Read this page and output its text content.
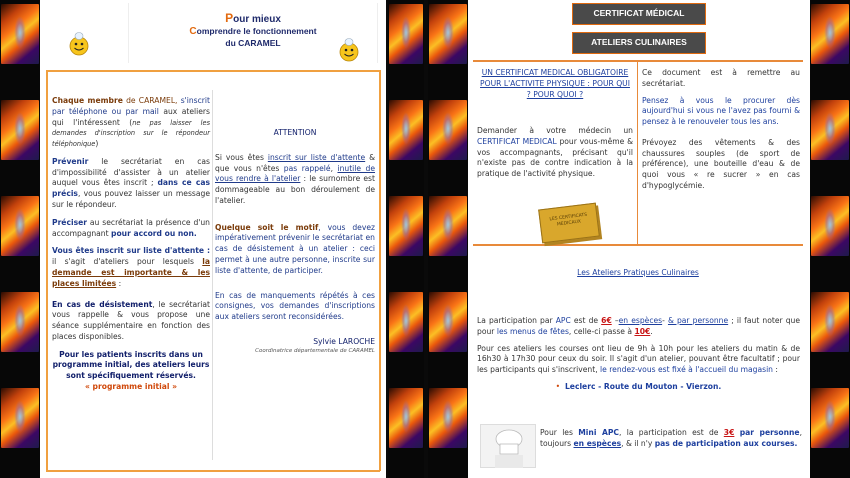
Pour mieux
Comprendre le fonctionnement
du CARAMEL

Chaque membre de CARAMEL, s'inscrit par téléphone ou par mail aux ateliers qui l'intéressent (ne pas laisser les demandes d'inscription sur le répondeur téléphonique)

Prévenir le secrétariat en cas d'impossibilité d'assister à un atelier auquel vous êtes inscrit ; dans ce cas précis, vous pouvez laisser un message sur le répondeur.

Préciser au secrétariat la présence d'un accompagnant pour accord ou non.

Vous êtes inscrit sur liste d'attente : il s'agit d'ateliers pour lesquels la demande est importante & les places limitées :

En cas de désistement, le secrétariat vous rappelle & vous propose une séance supplémentaire en fonction des places disponibles.

Pour les patients inscrits dans un programme initial, des ateliers leurs sont spécifiquement réservés.
« programme initial »

ATTENTION

Si vous êtes inscrit sur liste d'attente & que vous n'êtes pas rappelé, inutile de vous rendre à l'atelier : le surnombre est dommageable au bon déroulement de l'atelier.

Quelque soit le motif, vous devez impérativement prévenir le secrétariat en cas de désistement à un atelier : ceci permet à une autre personne, inscrite sur liste d'attente, de participer.

En cas de manquements répétés à ces consignes, vos demandes d'inscriptions aux ateliers seront reconsidérées.

Sylvie LAROCHE

Coordinatrice départementale de CARAMEL

CERTIFICAT MÉDICAL
ATELIERS CULINAIRES
UN CERTIFICAT MEDICAL OBLIGATOIRE POUR L'ACTIVITE PHYSIQUE : POUR QUI ? POUR QUOI ?
Demander à votre médecin un CERTIFICAT MEDICAL pour vous-même & vos accompagnants, précisant qu'il n'existe pas de contre indication à la pratique de l'activité physique.
LES CERTIFICATS MEDICAUX

Ce document est à remettre au secrétariat.

Pensez à vous le procurer dès aujourd'hui si vous ne l'avez pas fourni & pensez à le renouveler tous les ans.

Prévoyez des vêtements & des chaussures souples (de sport de préférence), une bouteille d'eau & de quoi vous « re sucrer » en cas d'hypoglycémie.

Les Ateliers Pratiques Culinaires

La participation par APC est de 6€ –en espèces- & par personne ; il faut noter que pour les menus de fêtes, celle-ci passe à 10€.

Pour ces ateliers les courses ont lieu de 9h à 10h pour les ateliers du matin & de 16h30 à 17h30 pour ceux du soir. Il s'agit d'un atelier, pouvant être facultatif ; pour les participants qui s'inscrivent, le rendez-vous est fixé à l'accueil du magasin :

• Leclerc - Route du Mouton - Vierzon.

Pour les Mini APC, la participation est de 3€ par personne, toujours en espèces, & il n'y pas de participation aux courses.
